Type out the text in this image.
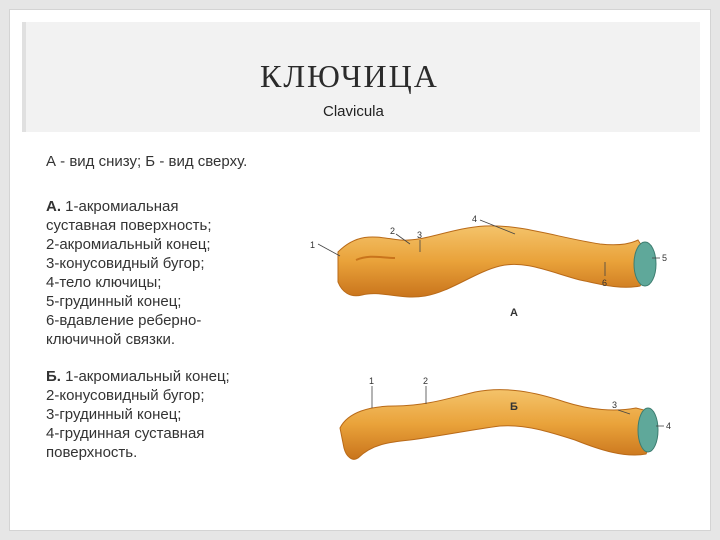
КЛЮЧИЦА
Clavicula
А - вид снизу; Б - вид сверху.
А. 1-акромиальная
суставная поверхность;
2-акромиальный конец;
3-конусовидный бугор;
4-тело ключицы;
5-грудинный конец;
6-вдавление реберно-
ключичной связки.
Б. 1-акромиальный конец;
2-конусовидный бугор;
3-грудинный конец;
4-грудинная суставная
поверхность.
1
2 3
4
5
6
А
1	2
3
4
Б
